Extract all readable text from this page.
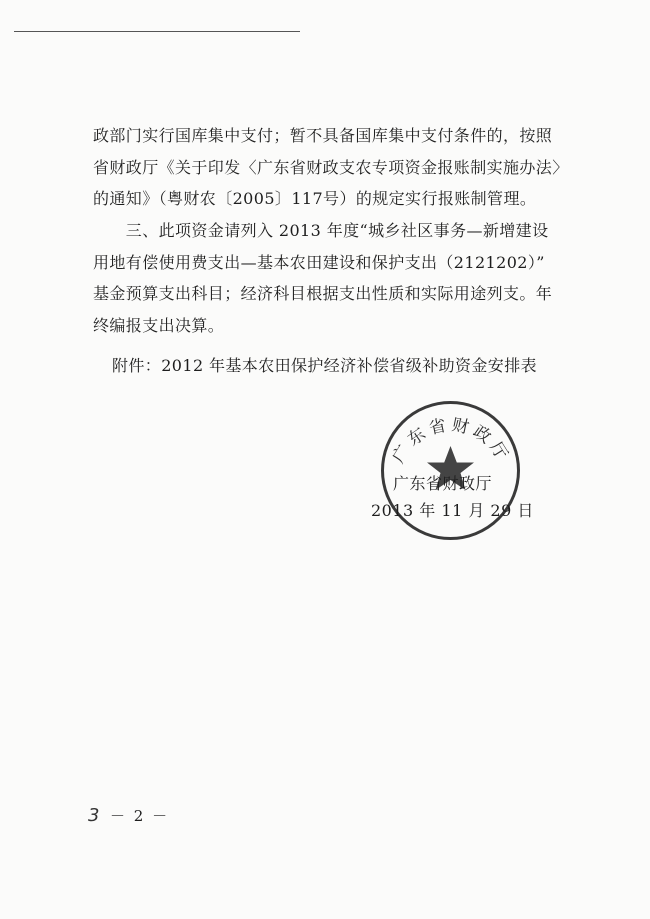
政部门实行国库集中支付；暂不具备国库集中支付条件的，按照
省财政厅《关于印发〈广东省财政支农专项资金报账制实施办法〉
的通知》（粤财农〔2005〕117号）的规定实行报账制管理。

　　三、此项资金请列入 2013 年度“城乡社区事务—新增建设
用地有偿使用费支出—基本农田建设和保护支出（2121202）”
基金预算支出科目；经济科目根据支出性质和实际用途列支。年
终编报支出决算。

附件：2012 年基本农田保护经济补偿省级补助资金安排表

广东省财政厅
广东省财政厅
2013 年 11 月 29 日
3 － 2 －
